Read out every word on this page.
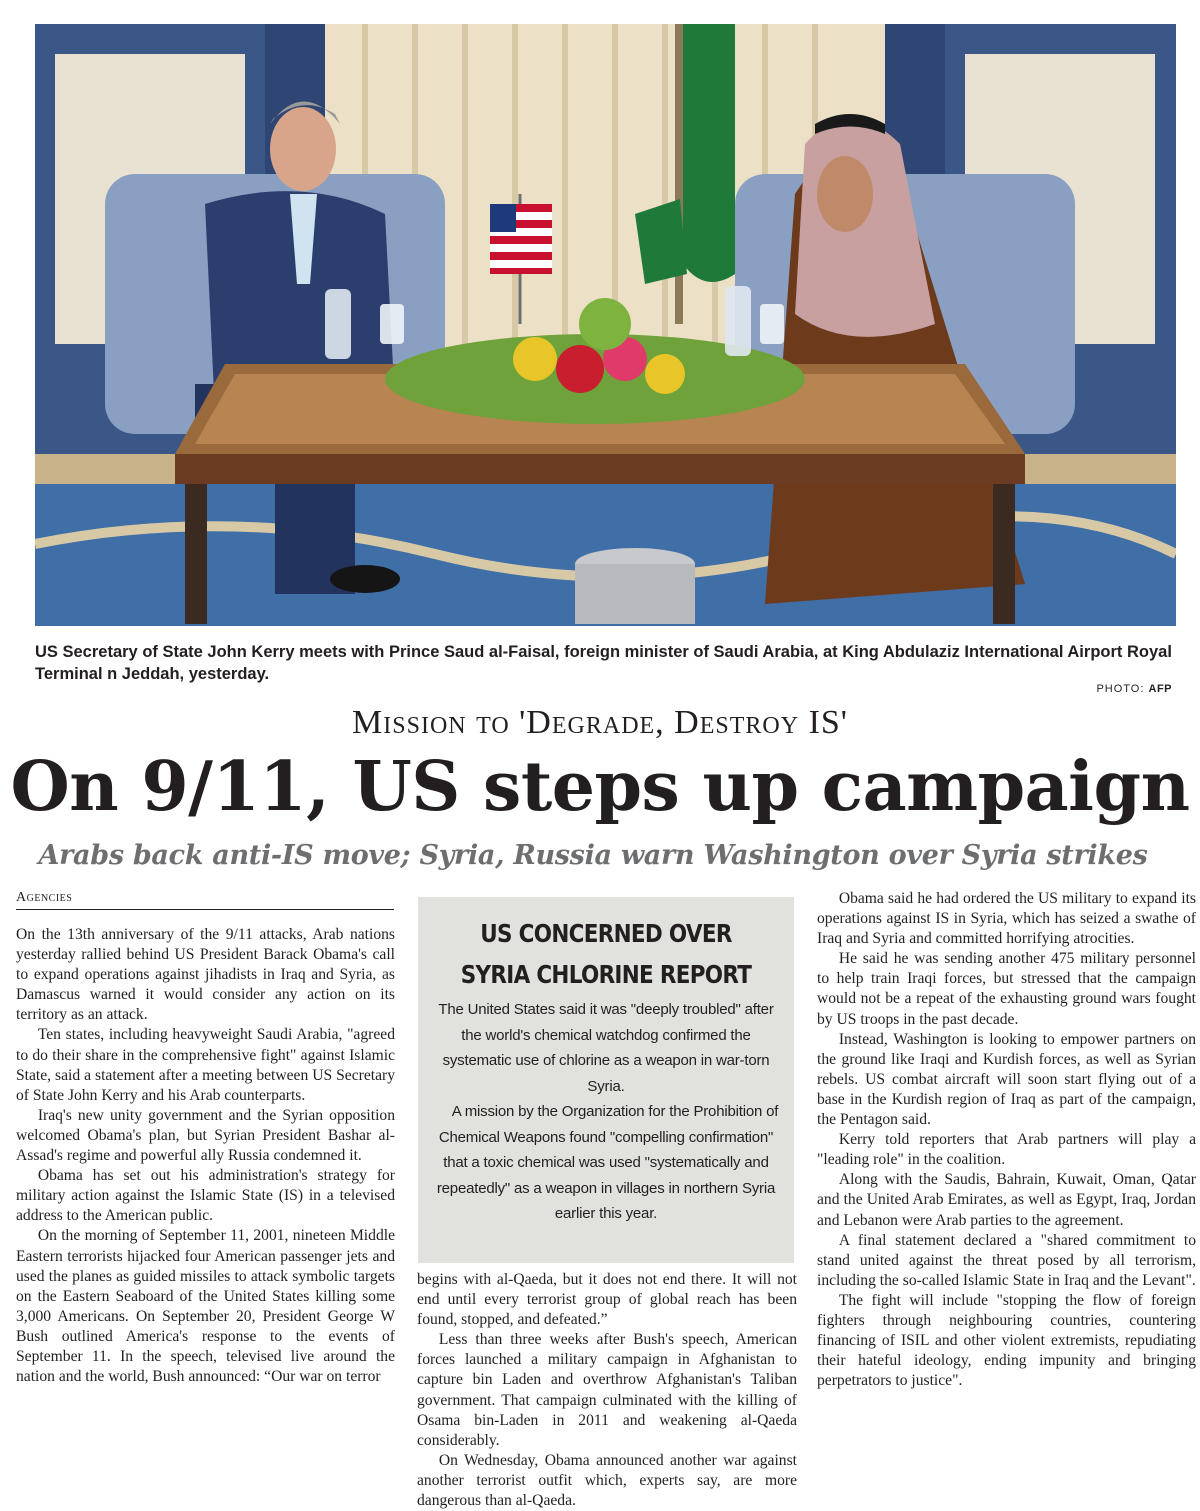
US Secretary of State John Kerry meets with Prince Saud al-Faisal, foreign minister of Saudi Arabia, at King Abdulaziz International Airport Royal Terminal n Jeddah, yesterday.
PHOTO: AFP
Mission to 'Degrade, Destroy IS'
On 9/11, US steps up campaign
Arabs back anti-IS move; Syria, Russia warn Washington over Syria strikes
Agencies

On the 13th anniversary of the 9/11 attacks, Arab nations yesterday rallied behind US President Barack Obama's call to expand operations against jihadists in Iraq and Syria, as Damascus warned it would consider any action on its territory as an attack.

Ten states, including heavyweight Saudi Arabia, "agreed to do their share in the comprehensive fight" against Islamic State, said a statement after a meeting between US Secretary of State John Kerry and his Arab counterparts.

Iraq's new unity government and the Syrian opposition welcomed Obama's plan, but Syrian President Bashar al-Assad's regime and powerful ally Russia condemned it.

Obama has set out his administration's strategy for military action against the Islamic State (IS) in a televised address to the American public.

On the morning of September 11, 2001, nineteen Middle Eastern terrorists hijacked four American passenger jets and used the planes as guided missiles to attack symbolic targets on the Eastern Seaboard of the United States killing some 3,000 Americans. On September 20, President George W Bush outlined America's response to the events of September 11. In the speech, televised live around the nation and the world, Bush announced: “Our war on terror

US CONCERNED OVER SYRIA CHLORINE REPORT

The United States said it was "deeply troubled" after the world's chemical watchdog confirmed the systematic use of chlorine as a weapon in war-torn Syria.

A mission by the Organization for the Prohibition of Chemical Weapons found "compelling confirmation" that a toxic chemical was used "systematically and repeatedly" as a weapon in villages in northern Syria earlier this year.

begins with al-Qaeda, but it does not end there. It will not end until every terrorist group of global reach has been found, stopped, and defeated.”

Less than three weeks after Bush's speech, American forces launched a military campaign in Afghanistan to capture bin Laden and overthrow Afghanistan's Taliban government. That campaign culminated with the killing of Osama bin-Laden in 2011 and weakening al-Qaeda considerably.

On Wednesday, Obama announced another war against another terrorist outfit which, experts say, are more dangerous than al-Qaeda.

Obama said he had ordered the US military to expand its operations against IS in Syria, which has seized a swathe of Iraq and Syria and committed horrifying atrocities.

He said he was sending another 475 military personnel to help train Iraqi forces, but stressed that the campaign would not be a repeat of the exhausting ground wars fought by US troops in the past decade.

Instead, Washington is looking to empower partners on the ground like Iraqi and Kurdish forces, as well as Syrian rebels. US combat aircraft will soon start flying out of a base in the Kurdish region of Iraq as part of the campaign, the Pentagon said.

Kerry told reporters that Arab partners will play a "leading role" in the coalition.

Along with the Saudis, Bahrain, Kuwait, Oman, Qatar and the United Arab Emirates, as well as Egypt, Iraq, Jordan and Lebanon were Arab parties to the agreement.

A final statement declared a "shared commitment to stand united against the threat posed by all terrorism, including the so-called Islamic State in Iraq and the Levant".

The fight will include "stopping the flow of foreign fighters through neighbouring countries, countering financing of ISIL and other violent extremists, repudiating their hateful ideology, ending impunity and bringing perpetrators to justice".
